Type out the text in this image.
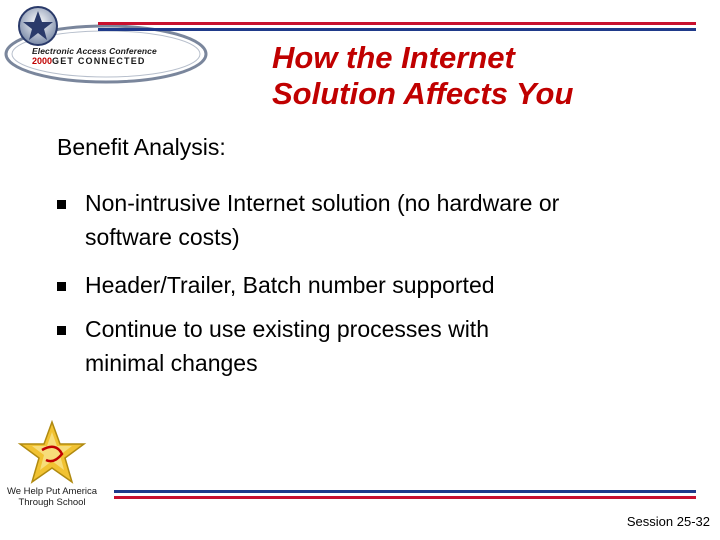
Electronic Access Conference
2000GET CONNECTED	How the Internet
Solution Affects You
Benefit Analysis:
Non-intrusive Internet solution (no hardware or
software costs)
Header/Trailer, Batch number supported
Continue to use existing processes with
minimal changes
We Help Put America
Through School
Session 25-32
